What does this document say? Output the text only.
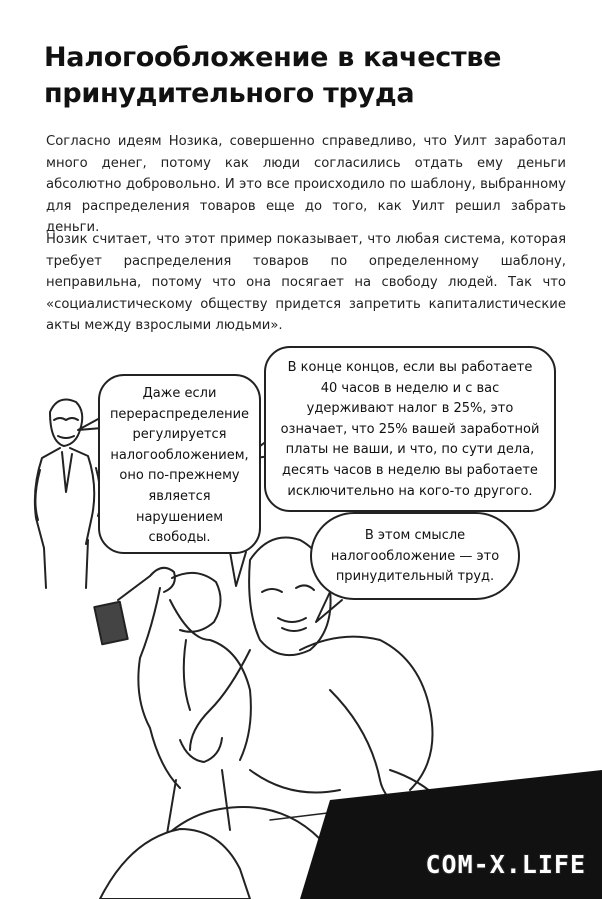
Налогообложение в качестве принудительного труда
Согласно идеям Нозика, совершенно справедливо, что Уилт заработал много денег, потому как люди согласились отдать ему деньги абсолютно добровольно. И это все происходило по шаблону, выбранному для распределения товаров еще до того, как Уилт решил забрать деньги.
Нозик считает, что этот пример показывает, что любая система, которая требует распределения товаров по определенному шаблону, неправильна, потому что она посягает на свободу людей. Так что «социалистическому обществу придется запретить капиталистические акты между взрослыми людьми».
Даже если
перераспределение
регулируется
налогообложением,
оно по-прежнему
является
нарушением
свободы.
В конце концов, если вы работаете
40 часов в неделю и с вас
удерживают налог в 25%, это
означает, что 25% вашей заработной
платы не ваши, и что, по сути дела,
десять часов в неделю вы работаете
исключительно на кого-то другого.
В этом смысле
налогообложение — это
принудительный труд.
COM-X.LIFE
